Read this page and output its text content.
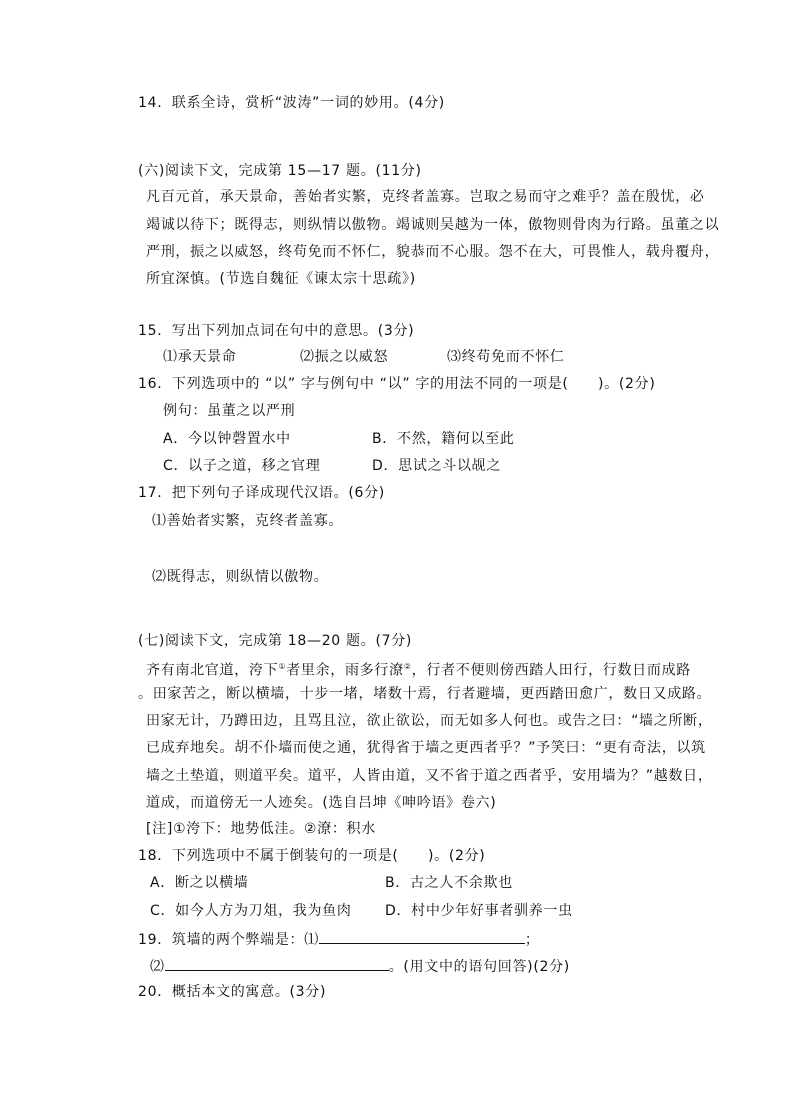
14．联系全诗，赏析“波涛”一词的妙用。(4分)
(六)阅读下文，完成第 15—17 题。(11分)
凡百元首，承天景命，善始者实繁，克终者盖寡。岂取之易而守之难乎？盖在殷忧，必
竭诚以待下；既得志，则纵情以傲物。竭诚则吴越为一体，傲物则骨肉为行路。虽董之以
严刑，振之以威怒，终苟免而不怀仁，貌恭而不心服。怨不在大，可畏惟人，载舟覆舟，
所宜深慎。(节选自魏征《谏太宗十思疏》)
15．写出下列加点词在句中的意思。(3分)
⑴承天景命	⑵振之以威怒	⑶终苟免而不怀仁
16．下列选项中的 “以” 字与例句中 “以” 字的用法不同的一项是(　　)。(2分)
例句：虽董之以严刑
A．今以钟磬置水中	B．不然，籍何以至此
C．以子之道，移之官理	D．思试之斗以觇之
17．把下列句子译成现代汉语。(6分)
⑴善始者实繁，克终者盖寡。
⑵既得志，则纵情以傲物。
(七)阅读下文，完成第 18—20 题。(7分)
齐有南北官道，洿下①者里余，雨多行潦②，行者不便则傍西踏人田行，行数日而成路
。田家苦之，断以横墙，十步一堵，堵数十焉，行者避墙，更西踏田愈广，数日又成路。
田家无计，乃蹲田边，且骂且泣，欲止欲讼，而无如多人何也。或告之曰：“墙之所断，
已成弃地矣。胡不仆墙而使之通，犹得省于墙之更西者乎？”予笑曰：“更有奇法，以筑
墙之土垫道，则道平矣。道平，人皆由道，又不省于道之西者乎，安用墙为？”越数日，
道成，而道傍无一人迹矣。(选自吕坤《呻吟语》卷六)
[注]①洿下：地势低洼。②潦：积水
18．下列选项中不属于倒装句的一项是(　　)。(2分)
A．断之以横墙	B．古之人不余欺也
C．如今人方为刀俎，我为鱼肉 D．村中少年好事者驯养一虫
19．筑墙的两个弊端是：⑴	；
⑵	。(用文中的语句回答)(2分)
20．概括本文的寓意。(3分)
